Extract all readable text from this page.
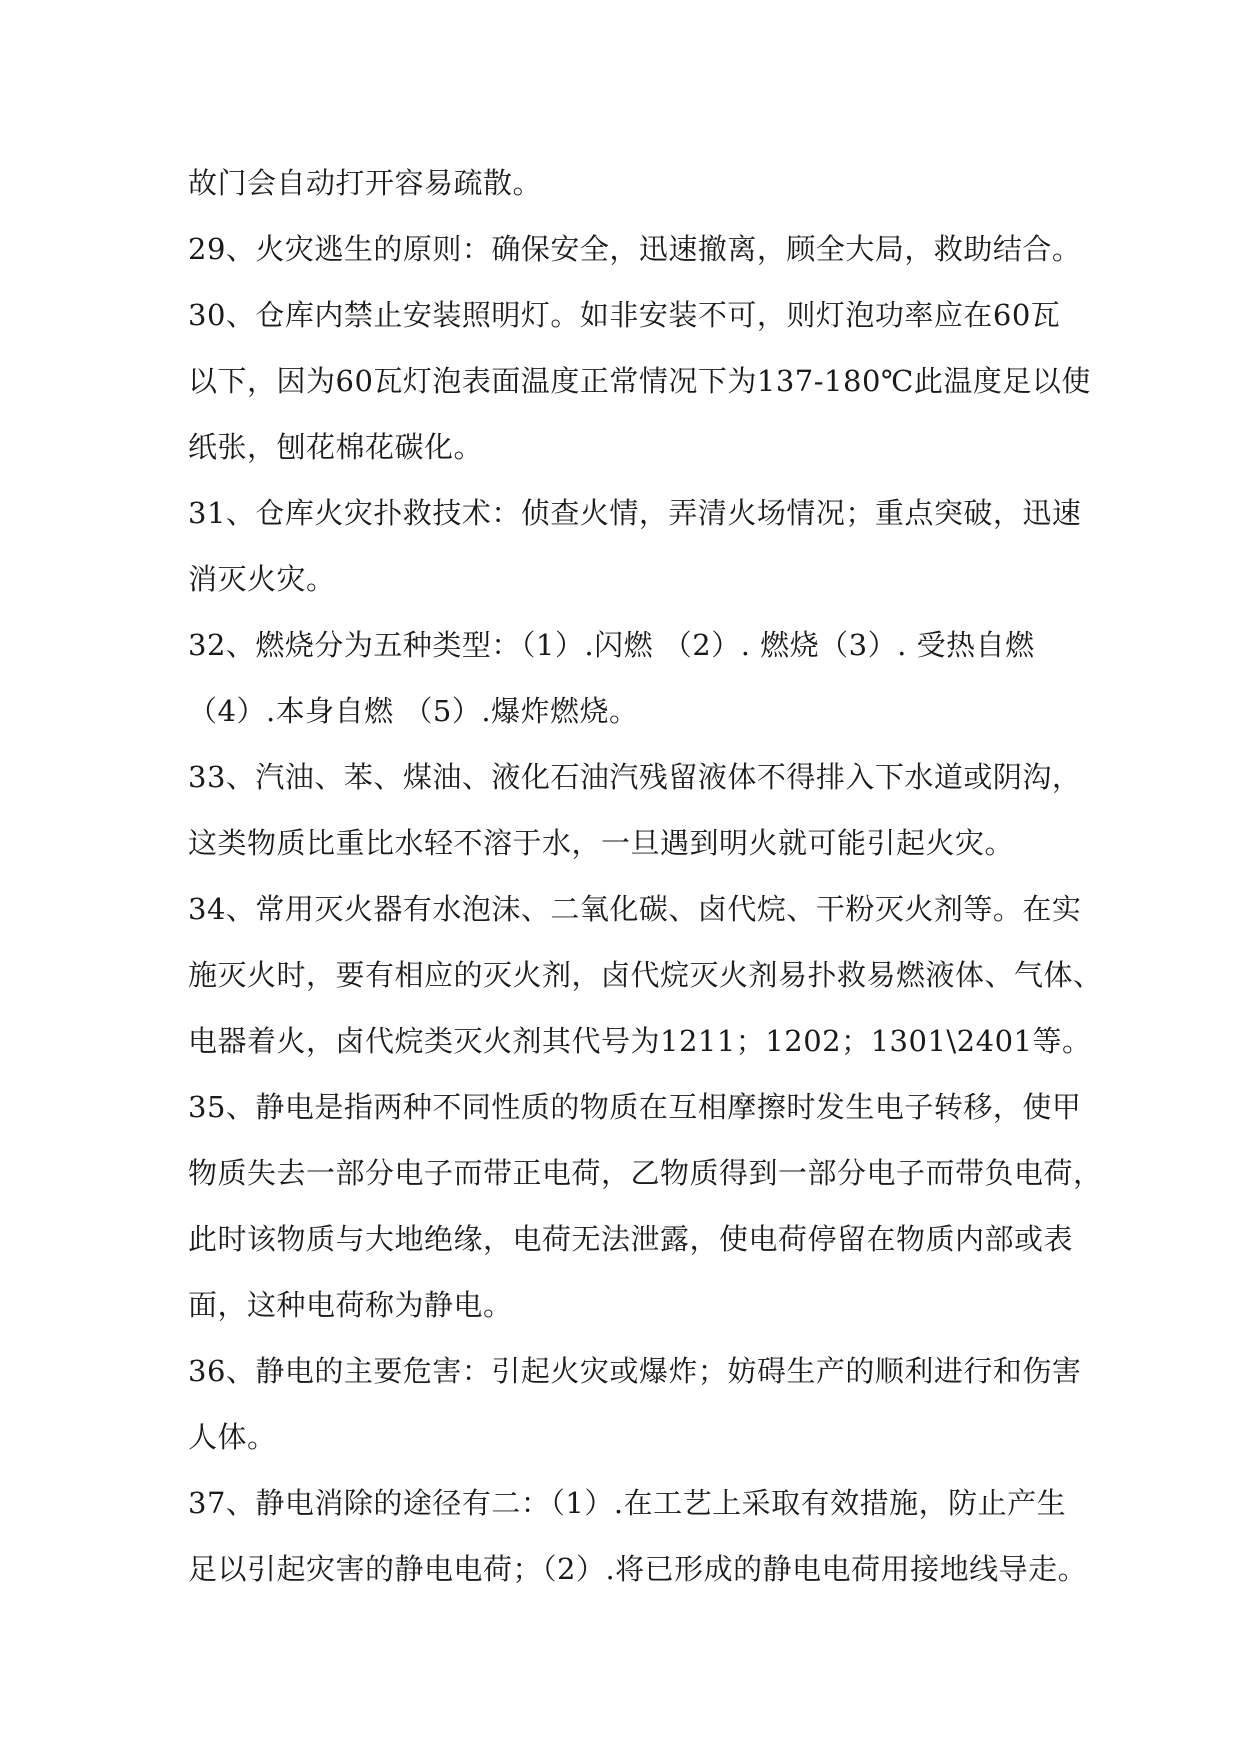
故门会自动打开容易疏散。
29、火灾逃生的原则：确保安全，迅速撤离，顾全大局，救助结合。
30、仓库内禁止安装照明灯。如非安装不可，则灯泡功率应在60瓦
以下，因为60瓦灯泡表面温度正常情况下为137-180℃此温度足以使
纸张，刨花棉花碳化。
31、仓库火灾扑救技术：侦查火情，弄清火场情况；重点突破，迅速
消灭火灾。
32、燃烧分为五种类型：（1）.闪燃 （2）. 燃烧（3）. 受热自燃
（4）.本身自燃 （5）.爆炸燃烧。
33、汽油、苯、煤油、液化石油汽残留液体不得排入下水道或阴沟，
这类物质比重比水轻不溶于水，一旦遇到明火就可能引起火灾。
34、常用灭火器有水泡沫、二氧化碳、卤代烷、干粉灭火剂等。在实
施灭火时，要有相应的灭火剂，卤代烷灭火剂易扑救易燃液体、气体、
电器着火，卤代烷类灭火剂其代号为1211；1202；1301\2401等。
35、静电是指两种不同性质的物质在互相摩擦时发生电子转移，使甲
物质失去一部分电子而带正电荷，乙物质得到一部分电子而带负电荷，
此时该物质与大地绝缘，电荷无法泄露，使电荷停留在物质内部或表
面，这种电荷称为静电。
36、静电的主要危害：引起火灾或爆炸；妨碍生产的顺利进行和伤害
人体。
37、静电消除的途径有二：（1）.在工艺上采取有效措施，防止产生
足以引起灾害的静电电荷；（2）.将已形成的静电电荷用接地线导走。
